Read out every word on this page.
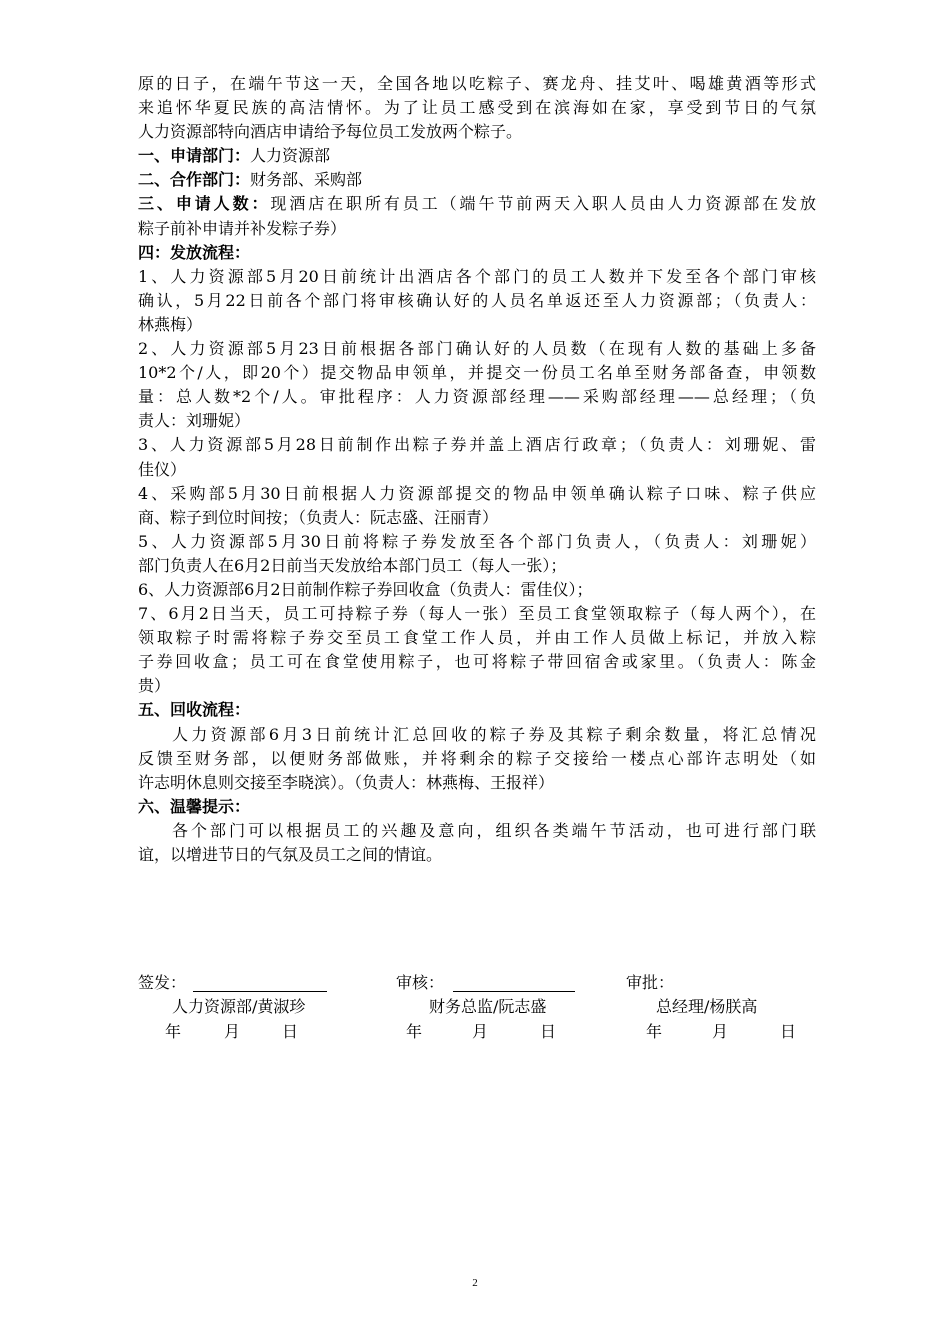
原的日子，在端午节这一天，全国各地以吃粽子、赛龙舟、挂艾叶、喝雄黄酒等形式
来追怀华夏民族的高洁情怀。为了让员工感受到在滨海如在家，享受到节日的气氛
人力资源部特向酒店申请给予每位员工发放两个粽子。
一、申请部门：人力资源部
二、合作部门：财务部、采购部
三、申请人数：现酒店在职所有员工（端午节前两天入职人员由人力资源部在发放
粽子前补申请并补发粽子券）
四：发放流程：
1、人力资源部5月20日前统计出酒店各个部门的员工人数并下发至各个部门审核
确认，5月22日前各个部门将审核确认好的人员名单返还至人力资源部；（负责人：
林燕梅）
2、人力资源部5月23日前根据各部门确认好的人员数（在现有人数的基础上多备
10*2个/人，即20个）提交物品申领单，并提交一份员工名单至财务部备查，申领数
量：总人数*2个/人。审批程序：人力资源部经理——采购部经理——总经理；（负
责人：刘珊妮）
3、人力资源部5月28日前制作出粽子券并盖上酒店行政章；（负责人：刘珊妮、雷
佳仪）
4、采购部5月30日前根据人力资源部提交的物品申领单确认粽子口味、粽子供应
商、粽子到位时间按；（负责人：阮志盛、汪丽青）
5、人力资源部5月30日前将粽子券发放至各个部门负责人，（负责人：刘珊妮）
部门负责人在6月2日前当天发放给本部门员工（每人一张）；
6、人力资源部6月2日前制作粽子券回收盒（负责人：雷佳仪）；
7、6月2日当天，员工可持粽子券（每人一张）至员工食堂领取粽子（每人两个），在
领取粽子时需将粽子券交至员工食堂工作人员，并由工作人员做上标记，并放入粽
子券回收盒；员工可在食堂使用粽子，也可将粽子带回宿舍或家里。（负责人：陈金
贵）
五、回收流程：
人力资源部6月3日前统计汇总回收的粽子券及其粽子剩余数量，将汇总情况
反馈至财务部，以便财务部做账，并将剩余的粽子交接给一楼点心部许志明处（如
许志明休息则交接至李晓滨）。（负责人：林燕梅、王报祥）
六、温馨提示：
各个部门可以根据员工的兴趣及意向，组织各类端午节活动，也可进行部门联
谊，以增进节日的气氛及员工之间的情谊。
签发：
人力资源部/黄淑珍
年	月	日
审核：
财务总监/阮志盛
年	月	日
审批：
总经理/杨朕高
年	月	日
2
